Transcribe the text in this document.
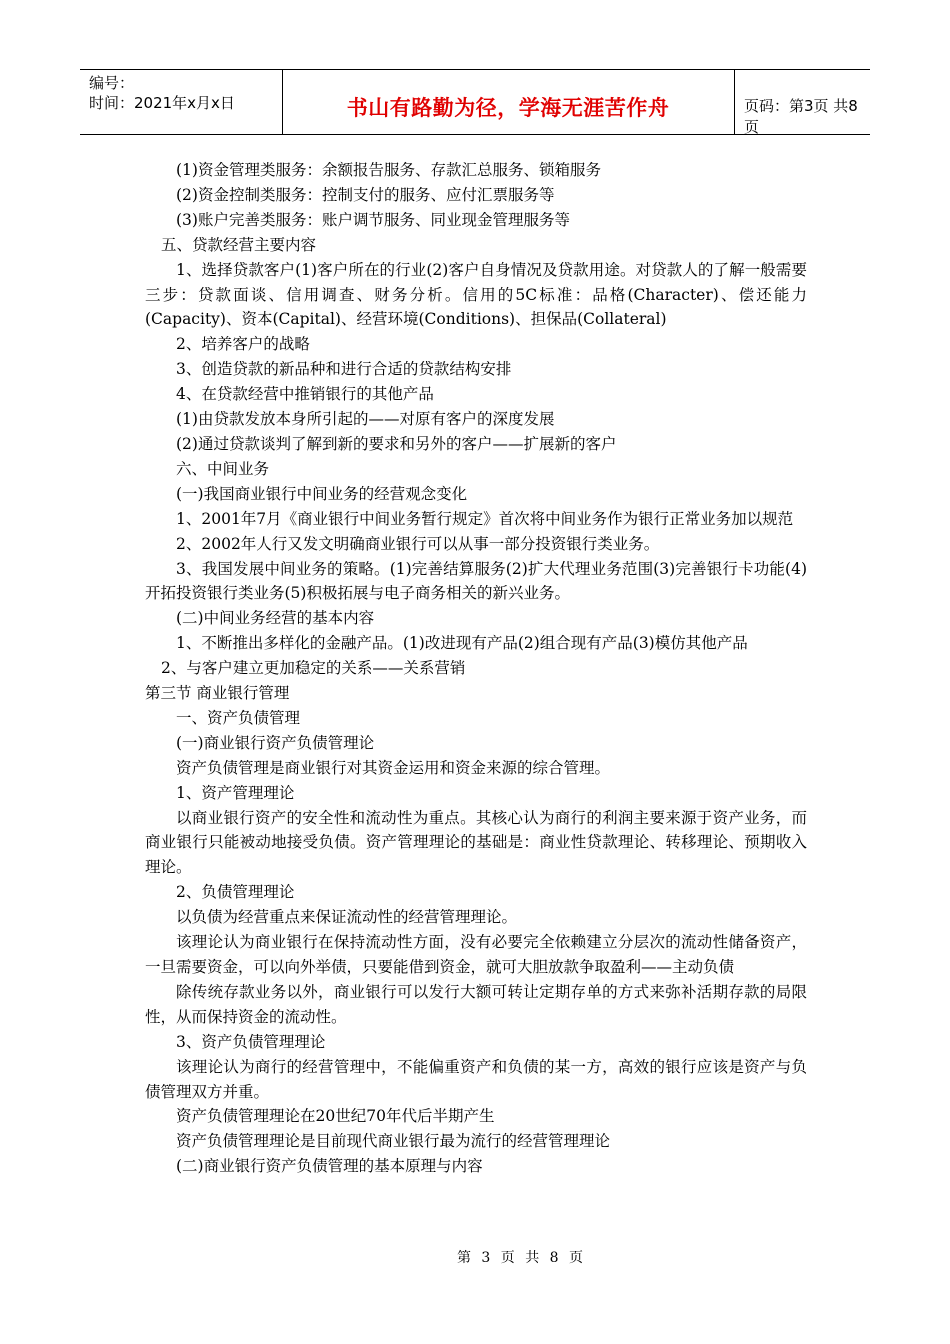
编号：
时间：2021年x月x日	书山有路勤为径，学海无涯苦作舟	页码：第3页 共8页

(1)资金管理类服务：余额报告服务、存款汇总服务、锁箱服务

(2)资金控制类服务：控制支付的服务、应付汇票服务等

(3)账户完善类服务：账户调节服务、同业现金管理服务等

五、贷款经营主要内容

1、选择贷款客户(1)客户所在的行业(2)客户自身情况及贷款用途。对贷款人的了解一般需要三步：贷款面谈、信用调查、财务分析。信用的5C标准：品格(Character)、偿还能力(Capacity)、资本(Capital)、经营环境(Conditions)、担保品(Collateral)

2、培养客户的战略

3、创造贷款的新品种和进行合适的贷款结构安排

4、在贷款经营中推销银行的其他产品

(1)由贷款发放本身所引起的——对原有客户的深度发展

(2)通过贷款谈判了解到新的要求和另外的客户——扩展新的客户

六、中间业务

(一)我国商业银行中间业务的经营观念变化

1、2001年7月《商业银行中间业务暂行规定》首次将中间业务作为银行正常业务加以规范

2、2002年人行又发文明确商业银行可以从事一部分投资银行类业务。

3、我国发展中间业务的策略。(1)完善结算服务(2)扩大代理业务范围(3)完善银行卡功能(4)开拓投资银行类业务(5)积极拓展与电子商务相关的新兴业务。

(二)中间业务经营的基本内容

1、不断推出多样化的金融产品。(1)改进现有产品(2)组合现有产品(3)模仿其他产品

2、与客户建立更加稳定的关系——关系营销

第三节 商业银行管理

一、资产负债管理

(一)商业银行资产负债管理论

资产负债管理是商业银行对其资金运用和资金来源的综合管理。

1、资产管理理论

以商业银行资产的安全性和流动性为重点。其核心认为商行的利润主要来源于资产业务，而商业银行只能被动地接受负债。资产管理理论的基础是：商业性贷款理论、转移理论、预期收入理论。

2、负债管理理论

以负债为经营重点来保证流动性的经营管理理论。

该理论认为商业银行在保持流动性方面，没有必要完全依赖建立分层次的流动性储备资产，一旦需要资金，可以向外举债，只要能借到资金，就可大胆放款争取盈利——主动负债

除传统存款业务以外，商业银行可以发行大额可转让定期存单的方式来弥补活期存款的局限性，从而保持资金的流动性。

3、资产负债管理理论

该理论认为商行的经营管理中，不能偏重资产和负债的某一方，高效的银行应该是资产与负债管理双方并重。

资产负债管理理论在20世纪70年代后半期产生

资产负债管理理论是目前现代商业银行最为流行的经营管理理论

(二)商业银行资产负债管理的基本原理与内容

第 3 页 共 8 页
